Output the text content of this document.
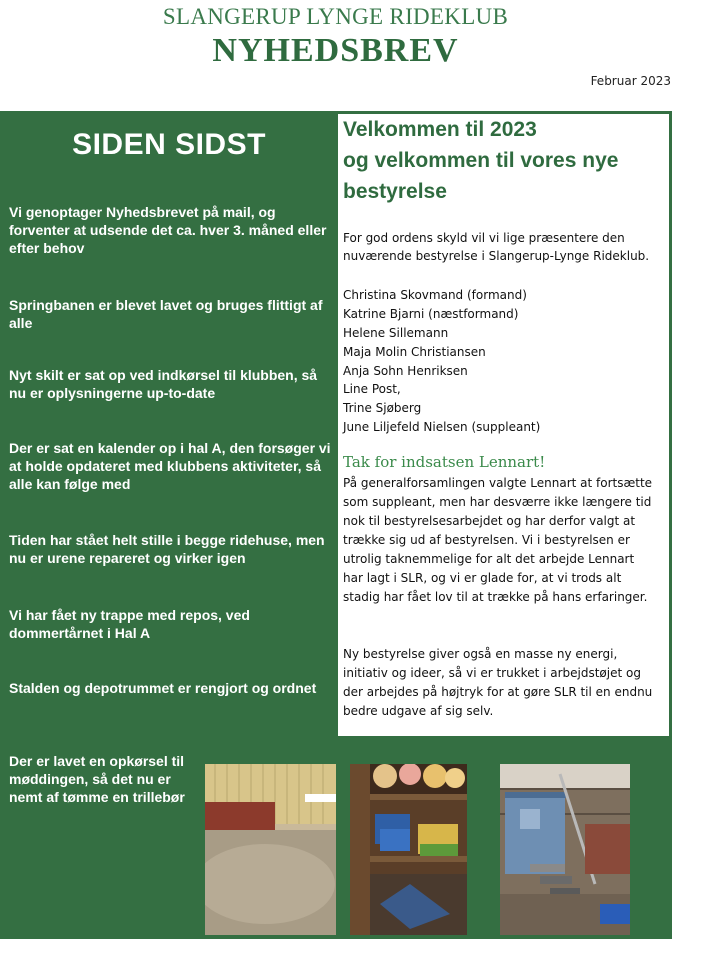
SLANGERUP LYNGE RIDEKLUB
NYHEDSBREV
Februar 2023
SIDEN SIDST
Vi genoptager Nyhedsbrevet på mail, og forventer at udsende det ca. hver 3. måned eller efter behov
Springbanen er blevet lavet og bruges flittigt af alle
Nyt skilt er sat op ved indkørsel til klubben, så nu er oplysningerne up-to-date
Der er sat en kalender op i hal A, den forsøger vi at holde opdateret med klubbens aktiviteter, så alle kan følge med
Tiden har stået helt stille i begge ridehuse, men nu er urene repareret og virker igen
Vi har fået ny trappe med repos, ved dommertårnet i Hal A
Stalden og depotrummet er rengjort og ordnet
Der er lavet en opkørsel til møddingen, så det nu er nemt af tømme en trillebør
Velkommen til 2023
og velkommen til vores nye
bestyrelse
For god ordens skyld vil vi lige præsentere den
nuværende bestyrelse i Slangerup-Lynge Rideklub.
Christina Skovmand (formand)
Katrine Bjarni (næstformand)
Helene Sillemann
Maja Molin Christiansen
Anja Sohn Henriksen
Line Post,
Trine Sjøberg
June Liljefeld Nielsen (suppleant)
Tak for indsatsen Lennart!
På generalforsamlingen valgte Lennart at fortsætte
som suppleant, men har desværre ikke længere tid
nok til bestyrelsesarbejdet og har derfor valgt at
trække sig ud af bestyrelsen. Vi i bestyrelsen er
utrolig taknemmelige for alt det arbejde Lennart
har lagt i SLR, og vi er glade for, at vi trods alt
stadig har fået lov til at trække på hans erfaringer.
Ny bestyrelse giver også en masse ny energi,
initiativ og ideer, så vi er trukket i arbejdstøjet og
der arbejdes på højtryk for at gøre SLR til en endnu
bedre udgave af sig selv.
